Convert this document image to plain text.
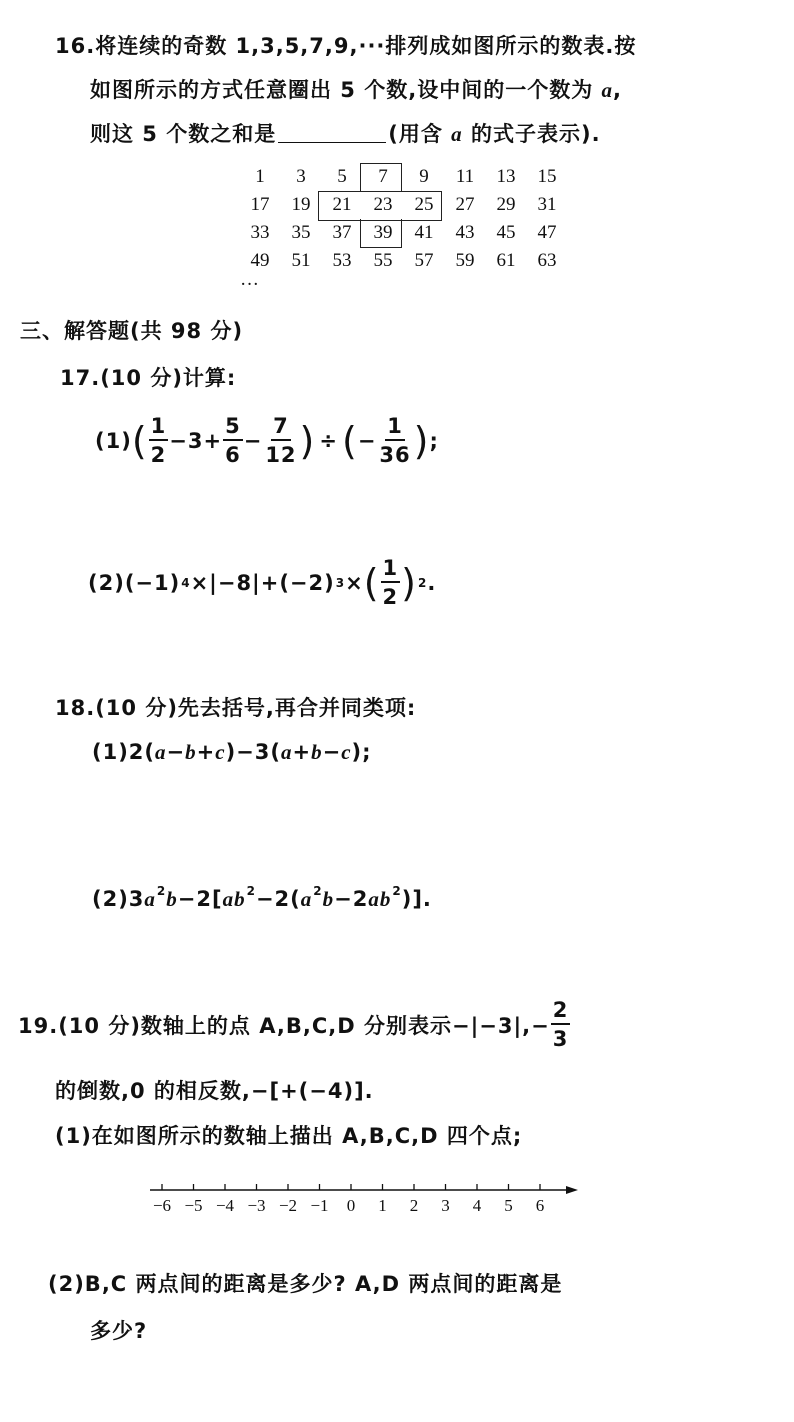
16.将连续的奇数 1,3,5,7,9,···排列成如图所示的数表.按
如图所示的方式任意圈出 5 个数,设中间的一个数为 a,
则这 5 个数之和是	(用含 a 的式子表示).
···
1	3	5	7	9	11	13	15
17	19	21	23	25	27	29	31
33	35	37	39	41	43	45	47
49	51	53	55	57	59	61	63
三、解答题(共 98 分)
17.(10 分)计算:
(1) ( $\frac{1}{2} -3+ \frac{5}{6} - \frac{7}{12}$ ) ÷ ( − $\frac{1}{36}$ ) ;
(2) (−1) 4 ×|−8|+(−2) 3 × ( $\frac{1}{2}$ ) 2 .
18.(10 分)先去括号,再合并同类项:
(1)2(a−b+c)−3(a+b−c);
$(2)3a^2b-2[ab^2-2(a^2b-2ab^2)]$.
19.(10 分)数轴上的点 A,B,C,D 分别表示$-|-3|,- \frac{2}{3}$
的倒数,0 的相反数,−[+(−4)].
(1)在如图所示的数轴上描出 A,B,C,D 四个点;
−6 −5 −4 −3 −2 −1 0 1 2 3 4 5 6
(2)B,C 两点间的距离是多少? A,D 两点间的距离是
多少?
